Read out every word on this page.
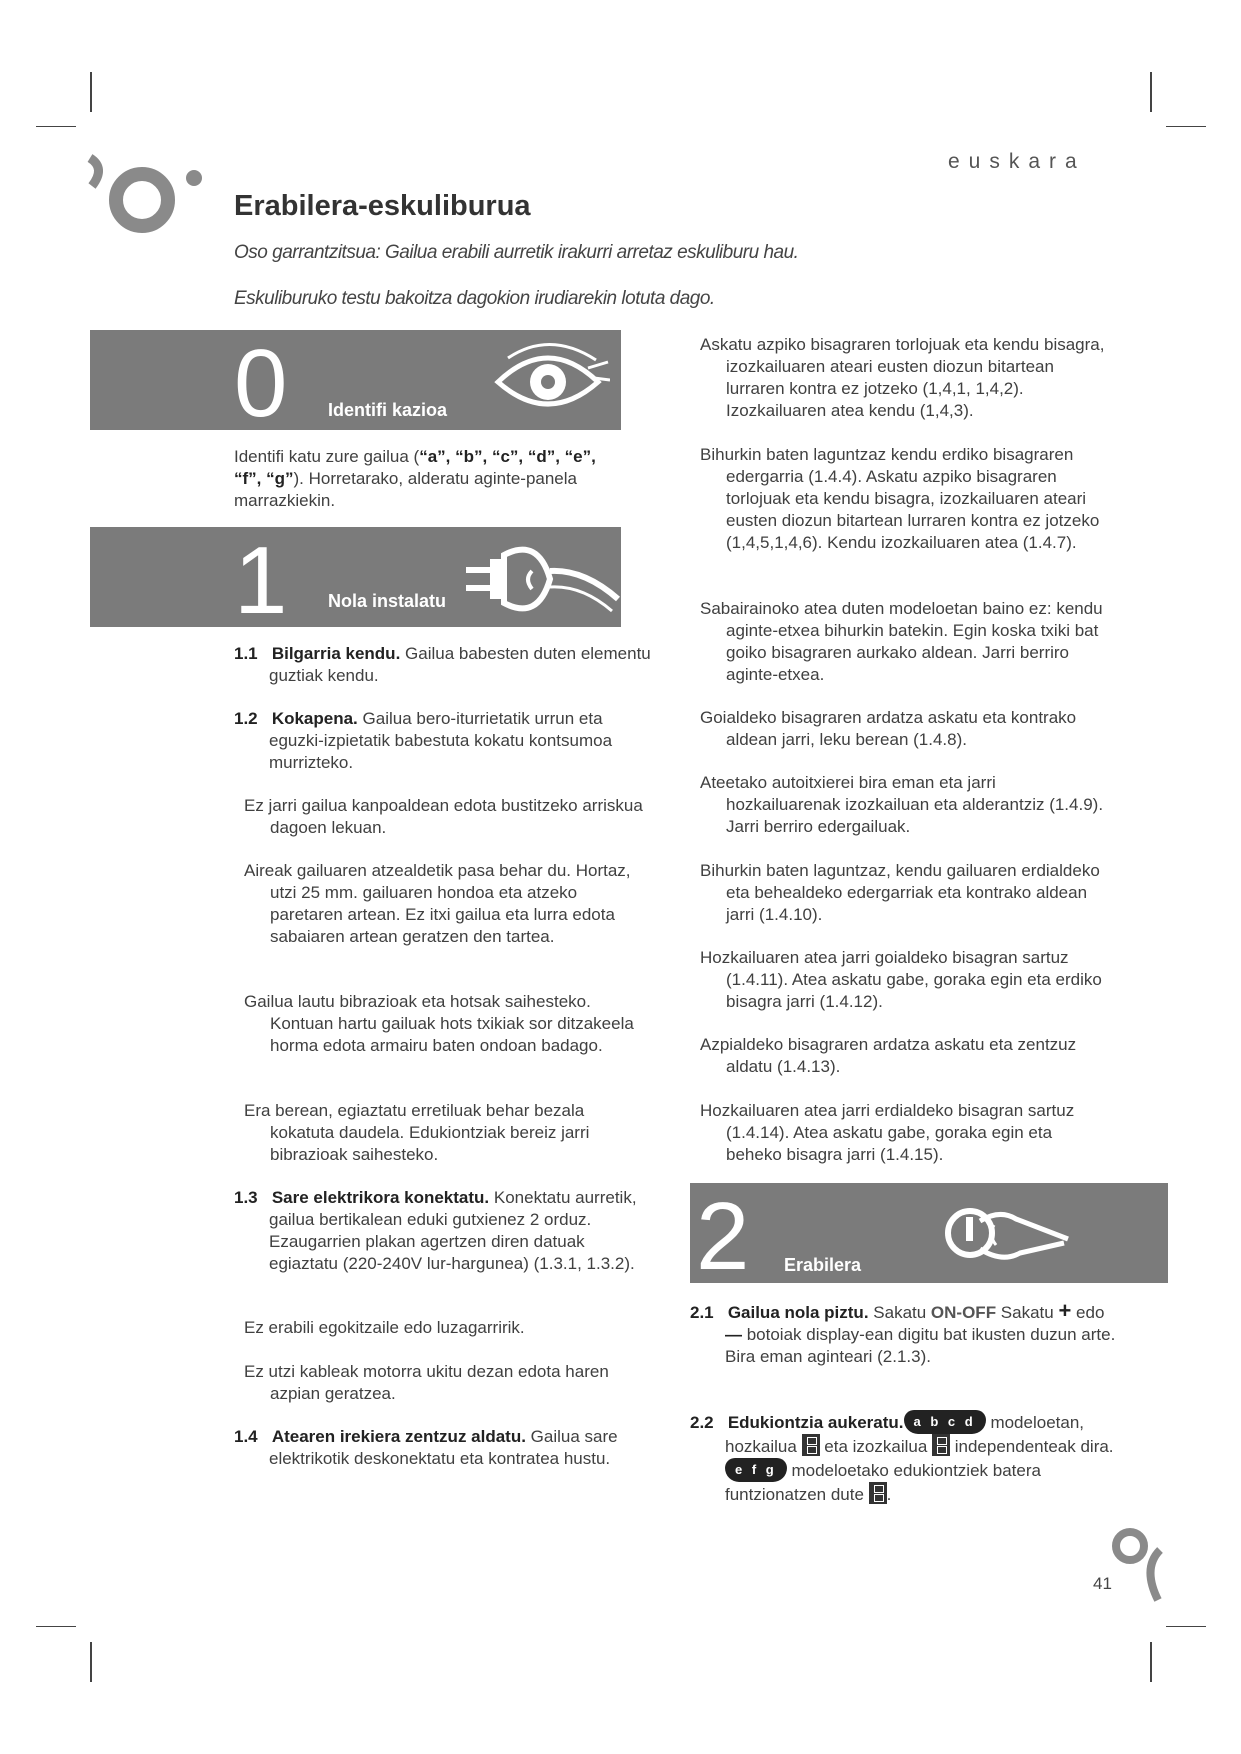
euskara
Erabilera-eskuliburua
Oso garrantzitsua: Gailua erabili aurretik irakurri arretaz eskuliburu hau.
Eskuliburuko testu bakoitza dagokion irudiarekin lotuta dago.
0 Identifi kazioa

Identifi katu zure gailua (“a”, “b”, “c”, “d”, “e”, “f”, “g”). Horretarako, alderatu aginte-panela marrazkiekin.

1 Nola instalatu

1.1 Bilgarria kendu. Gailua babesten duten elementu guztiak kendu.

1.2 Kokapena. Gailua bero-iturrietatik urrun eta eguzki-izpietatik babestuta kokatu kontsumoa murrizteko.

Ez jarri gailua kanpoaldean edota bustitzeko arriskua dagoen lekuan.
Aireak gailuaren atzealdetik pasa behar du. Hortaz, utzi 25 mm. gailuaren hondoa eta atzeko paretaren artean. Ez itxi gailua eta lurra edota sabaiaren artean geratzen den tartea.
Gailua lautu bibrazioak eta hotsak saihesteko. Kontuan hartu gailuak hots txikiak sor ditzakeela horma edota armairu baten ondoan badago.
Era berean, egiaztatu erretiluak behar bezala kokatuta daudela. Edukiontziak bereiz jarri bibrazioak saihesteko.

1.3 Sare elektrikora konektatu. Konektatu aurretik, gailua bertikalean eduki gutxienez 2 orduz. Ezaugarrien plakan agertzen diren datuak egiaztatu (220-240V lur-hargunea) (1.3.1, 1.3.2).

Ez erabili egokitzaile edo luzagarririk.
Ez utzi kableak motorra ukitu dezan edota haren azpian geratzea.

1.4 Atearen irekiera zentzuz aldatu. Gailua sare elektrikotik deskonektatu eta kontratea hustu.

Askatu azpiko bisagraren torlojuak eta kendu bisagra, izozkailuaren ateari eusten diozun bitartean lurraren kontra ez jotzeko (1,4,1, 1,4,2). Izozkailuaren atea kendu (1,4,3).
Bihurkin baten laguntzaz kendu erdiko bisagraren edergarria (1.4.4). Askatu azpiko bisagraren torlojuak eta kendu bisagra, izozkailuaren ateari eusten diozun bitartean lurraren kontra ez jotzeko (1,4,5,1,4,6). Kendu izozkailuaren atea (1.4.7).
Sabairainoko atea duten modeloetan baino ez: kendu aginte-etxea bihurkin batekin. Egin koska txiki bat goiko bisagraren aurkako aldean. Jarri berriro aginte-etxea.
Goialdeko bisagraren ardatza askatu eta kontrako aldean jarri, leku berean (1.4.8).
Ateetako autoitxierei bira eman eta jarri hozkailuarenak izozkailuan eta alderantziz (1.4.9). Jarri berriro edergailuak.
Bihurkin baten laguntzaz, kendu gailuaren erdialdeko eta behealdeko edergarriak eta kontrako aldean jarri (1.4.10).
Hozkailuaren atea jarri goialdeko bisagran sartuz (1.4.11). Atea askatu gabe, goraka egin eta erdiko bisagra jarri (1.4.12).
Azpialdeko bisagraren ardatza askatu eta zentzuz aldatu (1.4.13).
Hozkailuaren atea jarri erdialdeko bisagran sartuz (1.4.14). Atea askatu gabe, goraka egin eta beheko bisagra jarri (1.4.15).
2 Erabilera

2.1 Gailua nola piztu. Sakatu ON-OFF Sakatu + edo — botoiak display-ean digitu bat ikusten duzun arte. Bira eman aginteari (2.1.3).

2.2 Edukiontzia aukeratu. a b c d modeloetan, hozkailua  eta izozkailua  independenteak dira. e f g modeloetako edukiontziek batera funtzionatzen dute .

41
